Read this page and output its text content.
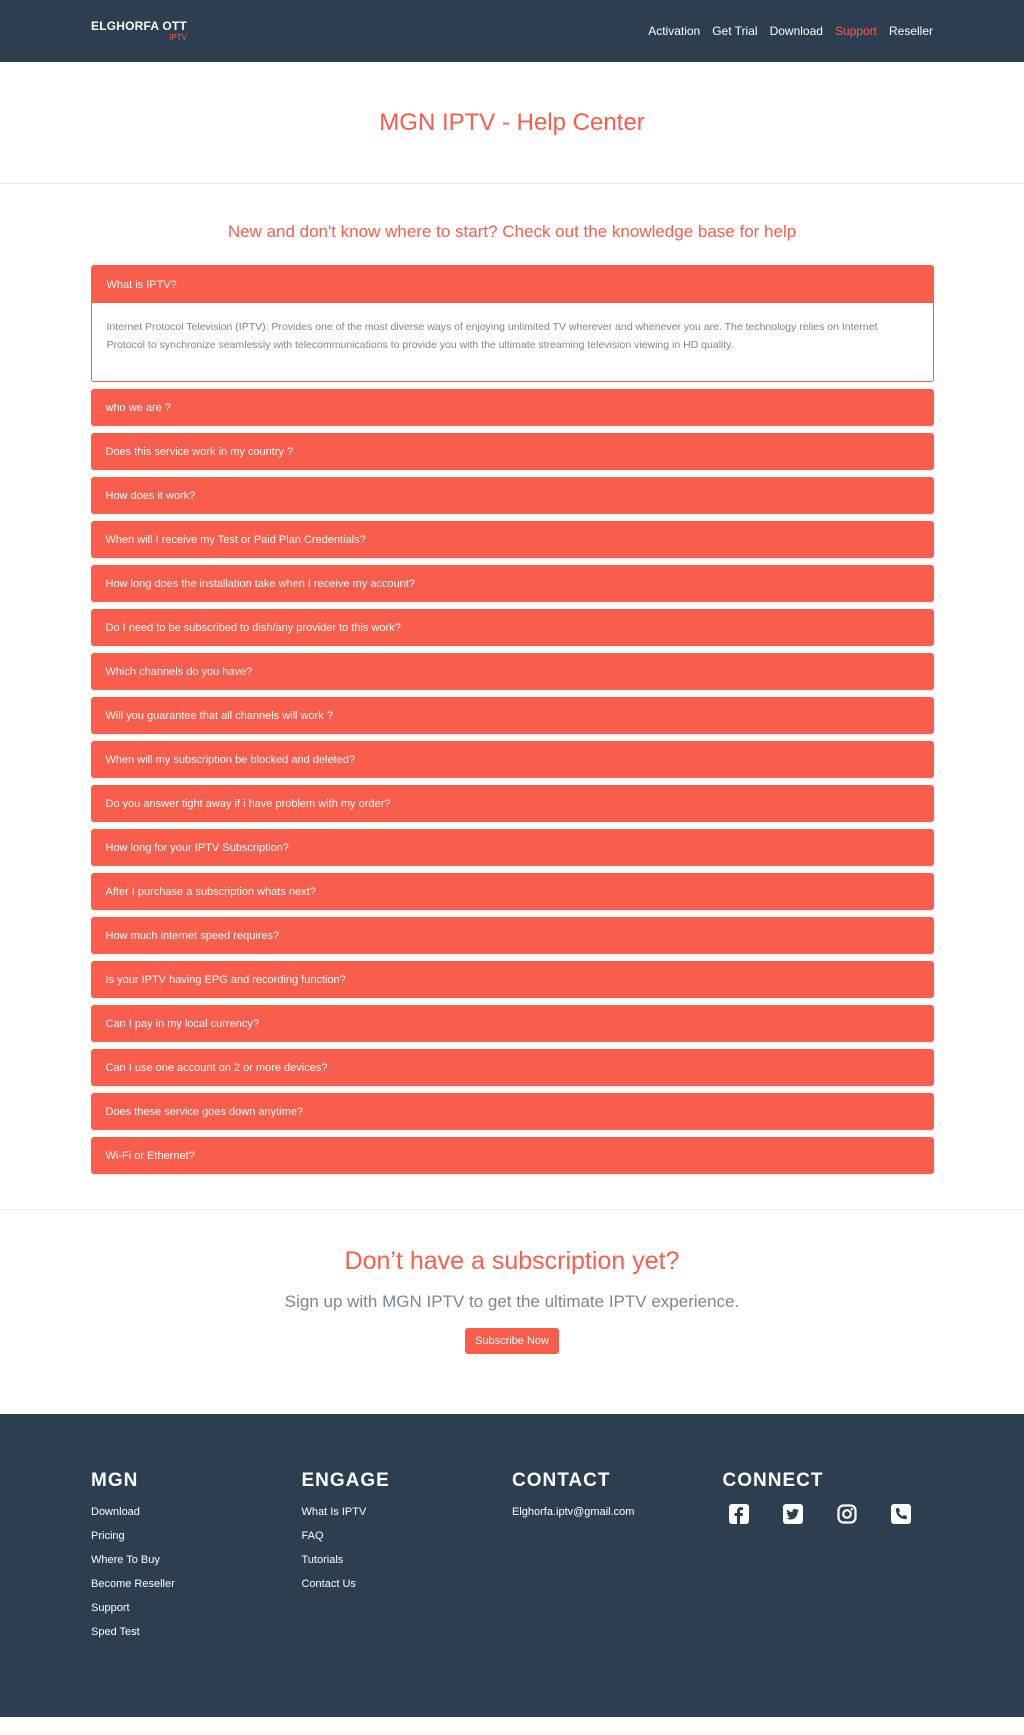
ELGHORFA OTT
IPTV	Activation Get Trial Download Support Reseller
MGN IPTV - Help Center
New and don't know where to start? Check out the knowledge base for help
What is IPTV?
Internet Protocol Television (IPTV): Provides one of the most diverse ways of enjoying unlimited TV wherever and whenever you are. The technology relies on Internet Protocol to synchronize seamlessly with telecommunications to provide you with the ultimate streaming television viewing in HD quality.
who we are ?
Does this service work in my country ?
How does it work?
When will I receive my Test or Paid Plan Credentials?
How long does the installation take when I receive my account?
Do I need to be subscribed to dish/any provider to this work?
Which channels do you have?
Will you guarantee that all channels will work ?
When will my subscription be blocked and deleted?
Do you answer tight away if i have problem with my order?
How long for your IPTV Subscription?
After I purchase a subscription whats next?
How much internet speed requires?
Is your IPTV having EPG and recording function?
Can I pay in my local currency?
Can I use one account on 2 or more devices?
Does these service goes down anytime?
Wi-Fi or Ethernet?
Don’t have a subscription yet?

Sign up with MGN IPTV to get the ultimate IPTV experience.

Subscribe Now
MGN
Download
Pricing
Where To Buy
Become Reseller
Support
Sped Test
ENGAGE
What Is IPTV
FAQ
Tutorials
Contact Us
CONTACT
Elghorfa.iptv@gmail.com
CONNECT
